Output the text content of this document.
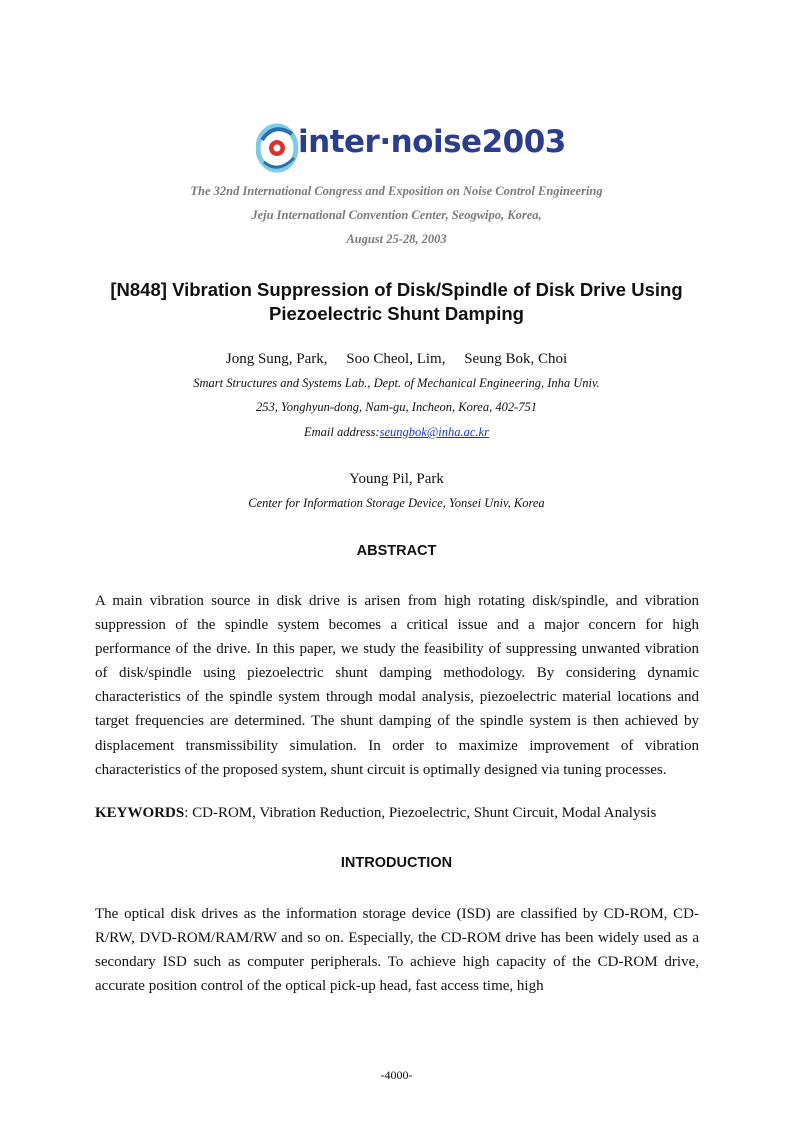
inter·noise2003
The 32nd International Congress and Exposition on Noise Control Engineering
Jeju International Convention Center, Seogwipo, Korea,
August 25-28, 2003
[N848] Vibration Suppression of Disk/Spindle of Disk Drive Using
Piezoelectric Shunt Damping
Jong Sung, Park,  Soo Cheol, Lim,  Seung Bok, Choi
Smart Structures and Systems Lab., Dept. of Mechanical Engineering, Inha Univ.
253, Yonghyun-dong, Nam-gu, Incheon, Korea, 402-751
Email address:seungbok@inha.ac.kr
Young Pil, Park
Center for Information Storage Device, Yonsei Univ, Korea
ABSTRACT
A main vibration source in disk drive is arisen from high rotating disk/spindle, and vibration suppression of the spindle system becomes a critical issue and a major concern for high performance of the drive. In this paper, we study the feasibility of suppressing unwanted vibration of disk/spindle using piezoelectric shunt damping methodology. By considering dynamic characteristics of the spindle system through modal analysis, piezoelectric material locations and target frequencies are determined. The shunt damping of the spindle system is then achieved by displacement transmissibility simulation. In order to maximize improvement of vibration characteristics of the proposed system, shunt circuit is optimally designed via tuning processes.
KEYWORDS: CD-ROM, Vibration Reduction, Piezoelectric, Shunt Circuit, Modal Analysis
INTRODUCTION
The optical disk drives as the information storage device (ISD) are classified by CD-ROM, CD-R/RW, DVD-ROM/RAM/RW and so on. Especially, the CD-ROM drive has been widely used as a secondary ISD such as computer peripherals. To achieve high capacity of the CD-ROM drive, accurate position control of the optical pick-up head, fast access time, high
-4000-
